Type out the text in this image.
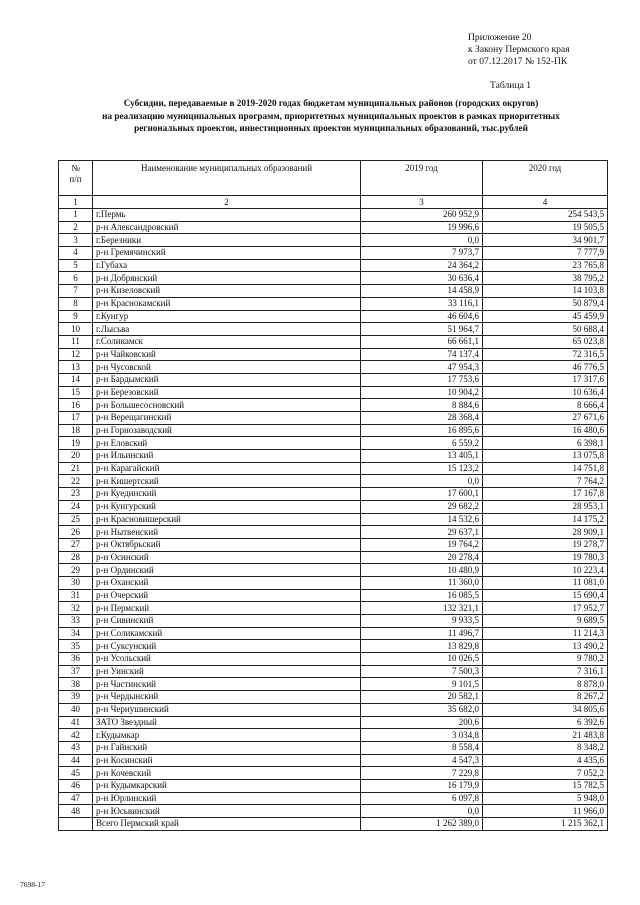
Приложение 20
к Закону Пермского края
от 07.12.2017 № 152-ПК
Таблица 1
Субсидии, передаваемые в 2019-2020 годах бюджетам муниципальных районов (городских округов)
на реализацию муниципальных программ, приоритетных муниципальных проектов в рамках приоритетных
региональных проектов, инвестиционных проектов муниципальных образований, тыс.рублей
№
п/п	Наименование муниципальных образований	2019 год	2020 год
1	2	3	4
1	г.Пермь	260 952,9	254 543,5
2	р-н Александровский	19 996,6	19 505,5
3	г.Березники	0,0	34 901,7
4	р-н Гремячинский	7 973,7	7 777,9
5	г.Губаха	24 364,2	23 765,8
6	р-н Добрянский	30 636,4	38 795,2
7	р-н Кизеловский	14 458,9	14 103,8
8	р-н Краснокамский	33 116,1	50 879,4
9	г.Кунгур	46 604,6	45 459,9
10	г.Лысьва	51 964,7	50 688,4
11	г.Соликамск	66 661,1	65 023,8
12	р-н Чайковский	74 137,4	72 316,5
13	р-н Чусовской	47 954,3	46 776,5
14	р-н Бардымский	17 753,6	17 317,6
15	р-н Березовский	10 904,2	10 636,4
16	р-н Большесосновский	8 884,6	8 666,4
17	р-н Верещагинский	28 368,4	27 671,6
18	р-н Горнозаводский	16 895,6	16 480,6
19	р-н Еловский	6 559,2	6 398,1
20	р-н Ильинский	13 405,1	13 075,8
21	р-н Карагайский	15 123,2	14 751,8
22	р-н Кишертский	0,0	7 764,2
23	р-н Куединский	17 600,1	17 167,8
24	р-н Кунгурский	29 682,2	28 953,1
25	р-н Красновишерский	14 532,6	14 175,2
26	р-н Нытвенский	29 637,1	28 909,1
27	р-н Октябрьский	19 764,2	19 278,7
28	р-н Осинский	20 278,4	19 780,3
29	р-н Ординский	10 480,9	10 223,4
30	р-н Оханский	11 360,0	11 081,0
31	р-н Очерский	16 085,5	15 690,4
32	р-н Пермский	132 321,1	17 952,7
33	р-н Сивинский	9 933,5	9 689,5
34	р-н Соликамский	11 496,7	11 214,3
35	р-н Суксунский	13 829,8	13 490,2
36	р-н Усольский	10 026,5	9 780,2
37	р-н Уинский	7 500,3	7 316,1
38	р-н Частинский	9 101,5	8 878,0
39	р-н Чердынский	20 582,1	8 267,2
40	р-н Чернушинский	35 682,0	34 805,6
41	ЗАТО Звездный	200,6	6 392,6
42	г.Кудымкар	3 034,8	21 483,8
43	р-н Гайнский	8 558,4	8 348,2
44	р-н Косинский	4 547,3	4 435,6
45	р-н Кочевский	7 229,8	7 052,2
46	р-н Кудымкарский	16 179,9	15 782,5
47	р-н Юрлинский	6 097,8	5 948,0
48	р-н Юсьвинский	0,0	11 966,0
	Всего Пермский край	1 262 389,0	1 215 362,1
7698-17
